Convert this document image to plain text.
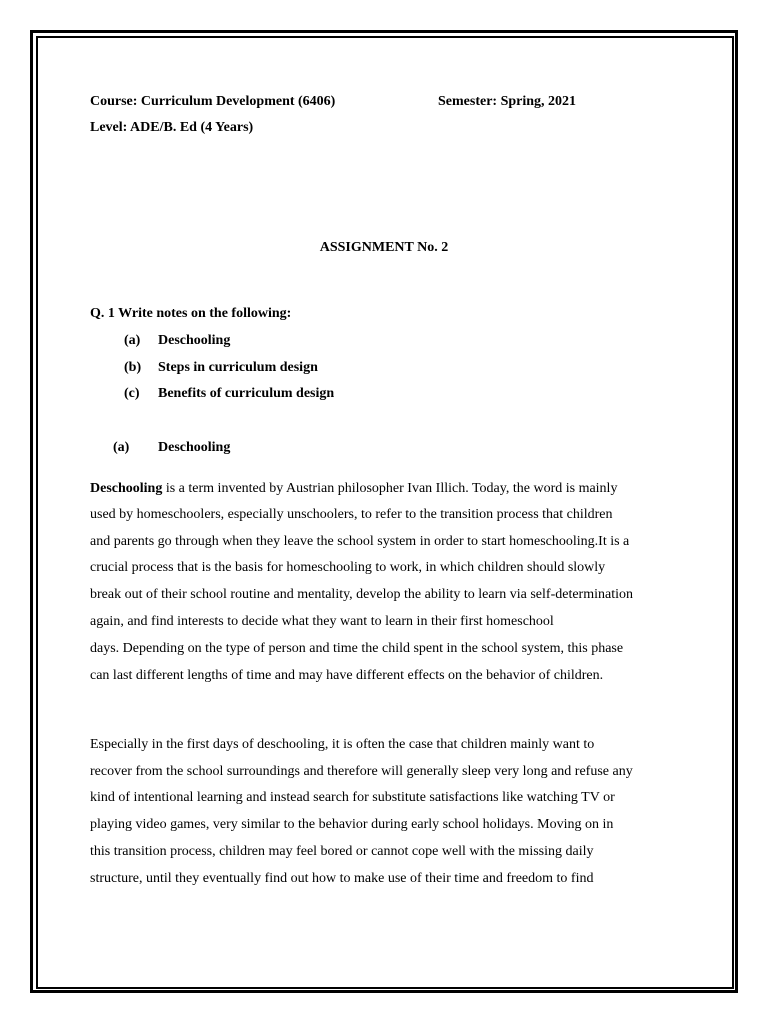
Course: Curriculum Development (6406)	Semester: Spring, 2021
Level: ADE/B. Ed (4 Years)
ASSIGNMENT No. 2
Q. 1 Write notes on the following:
(a) Deschooling
(b) Steps in curriculum design
(c) Benefits of curriculum design
(a) Deschooling
Deschooling is a term invented by Austrian philosopher Ivan Illich. Today, the word is mainly
used by homeschoolers, especially unschoolers, to refer to the transition process that children
and parents go through when they leave the school system in order to start homeschooling.It is a
crucial process that is the basis for homeschooling to work, in which children should slowly
break out of their school routine and mentality, develop the ability to learn via self-determination
again, and find interests to decide what they want to learn in their first homeschool
days. Depending on the type of person and time the child spent in the school system, this phase
can last different lengths of time and may have different effects on the behavior of children.
Especially in the first days of deschooling, it is often the case that children mainly want to
recover from the school surroundings and therefore will generally sleep very long and refuse any
kind of intentional learning and instead search for substitute satisfactions like watching TV or
playing video games, very similar to the behavior during early school holidays. Moving on in
this transition process, children may feel bored or cannot cope well with the missing daily
structure, until they eventually find out how to make use of their time and freedom to find
